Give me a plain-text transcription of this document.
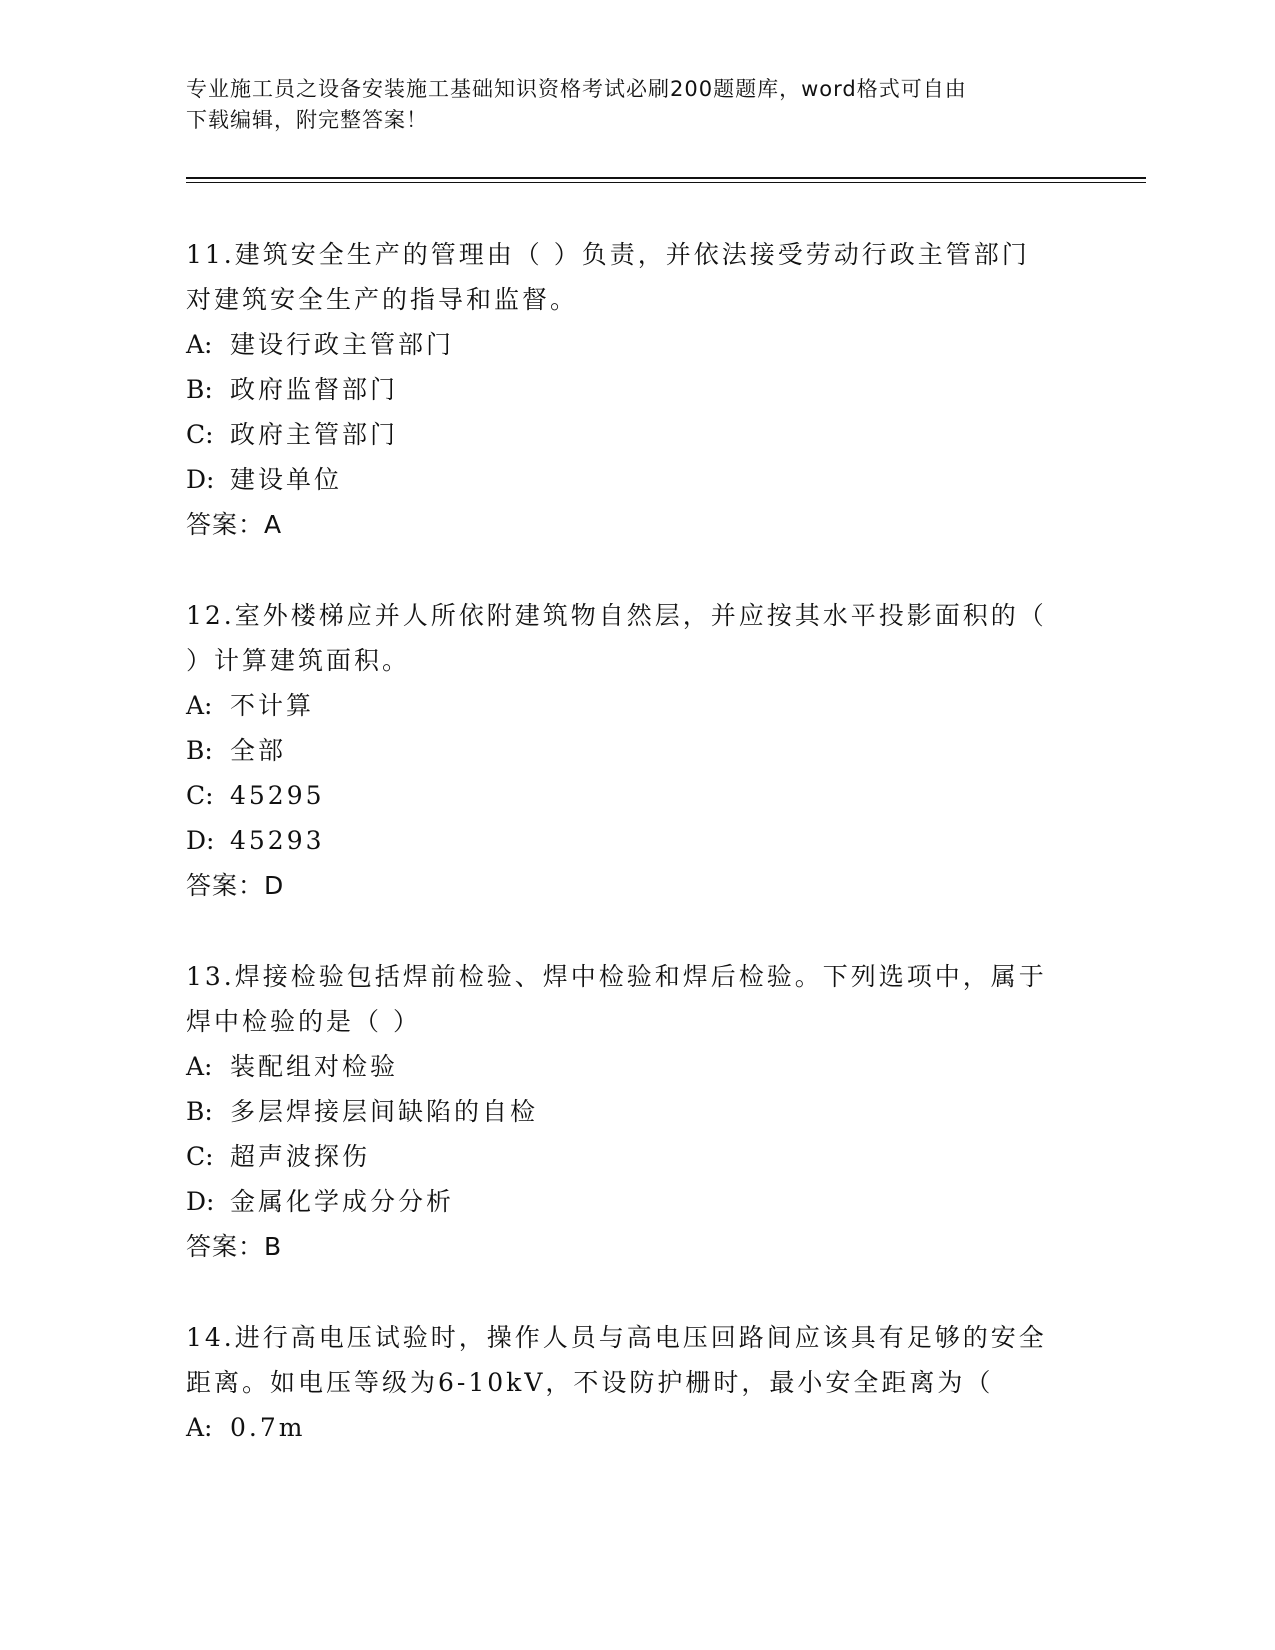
专业施工员之设备安装施工基础知识资格考试必刷200题题库，word格式可自由
下载编辑，附完整答案！
11.建筑安全生产的管理由（ ）负责，并依法接受劳动行政主管部门
对建筑安全生产的指导和监督。
A: 建设行政主管部门
B: 政府监督部门
C: 政府主管部门
D: 建设单位
答案：A
12.室外楼梯应并人所依附建筑物自然层，并应按其水平投影面积的（
）计算建筑面积。
A: 不计算
B: 全部
C: 45295
D: 45293
答案：D
13.焊接检验包括焊前检验、焊中检验和焊后检验。下列选项中，属于
焊中检验的是（ ）
A: 装配组对检验
B: 多层焊接层间缺陷的自检
C: 超声波探伤
D: 金属化学成分分析
答案：B
14.进行高电压试验时，操作人员与高电压回路间应该具有足够的安全
距离。如电压等级为6-10kV，不设防护栅时，最小安全距离为（
A: 0.7m
